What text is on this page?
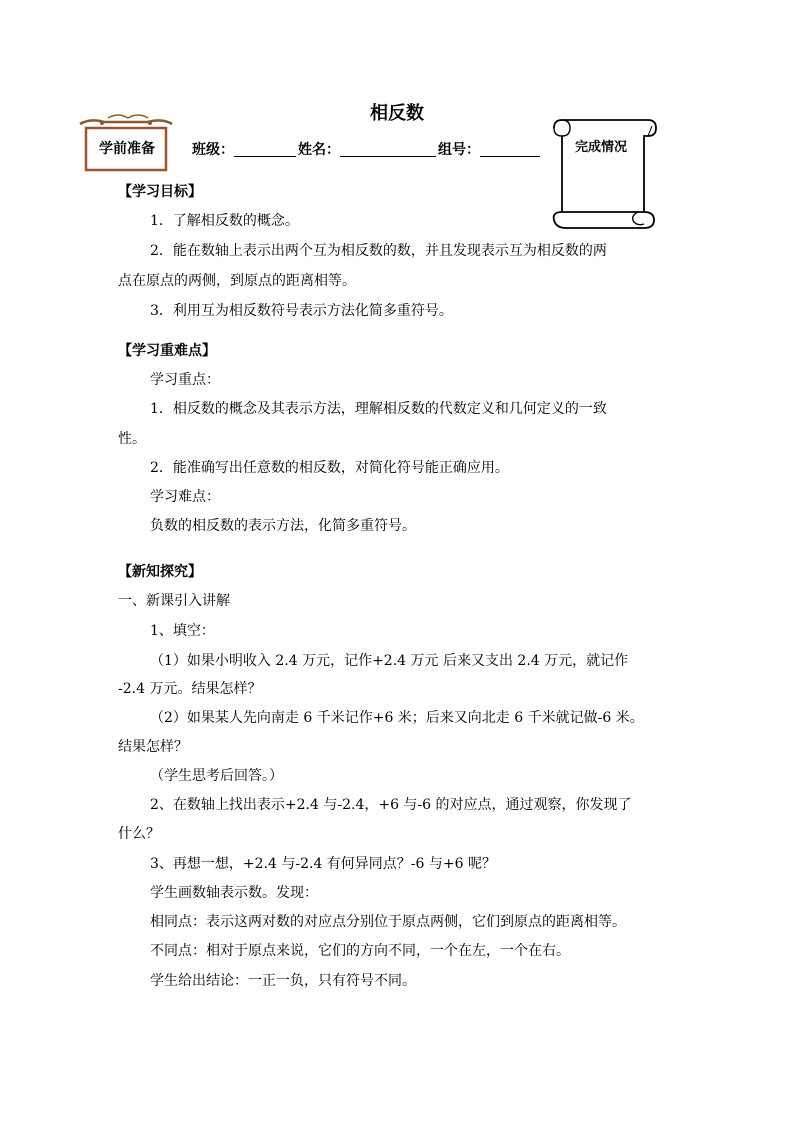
相反数
学前准备	班级：	姓名：	组号：	完成情况
【学习目标】
1．了解相反数的概念。
2．能在数轴上表示出两个互为相反数的数，并且发现表示互为相反数的两
点在原点的两侧，到原点的距离相等。
3．利用互为相反数符号表示方法化简多重符号。
【学习重难点】
学习重点：
1．相反数的概念及其表示方法，理解相反数的代数定义和几何定义的一致
性。
2．能准确写出任意数的相反数，对简化符号能正确应用。
学习难点：
负数的相反数的表示方法，化简多重符号。
【新知探究】
一、新课引入讲解
1、填空：
（1）如果小明收入 2.4 万元，记作+2.4 万元 后来又支出 2.4 万元，就记作
-2.4 万元。结果怎样？
（2）如果某人先向南走 6 千米记作+6 米；后来又向北走 6 千米就记做-6 米。
结果怎样？
（学生思考后回答。）
2、在数轴上找出表示+2.4 与-2.4，+6 与-6 的对应点，通过观察，你发现了
什么？
3、再想一想，+2.4 与-2.4 有何异同点？-6 与+6 呢？
学生画数轴表示数。发现：
相同点：表示这两对数的对应点分别位于原点两侧，它们到原点的距离相等。
不同点：相对于原点来说，它们的方向不同，一个在左，一个在右。
学生给出结论：一正一负，只有符号不同。
